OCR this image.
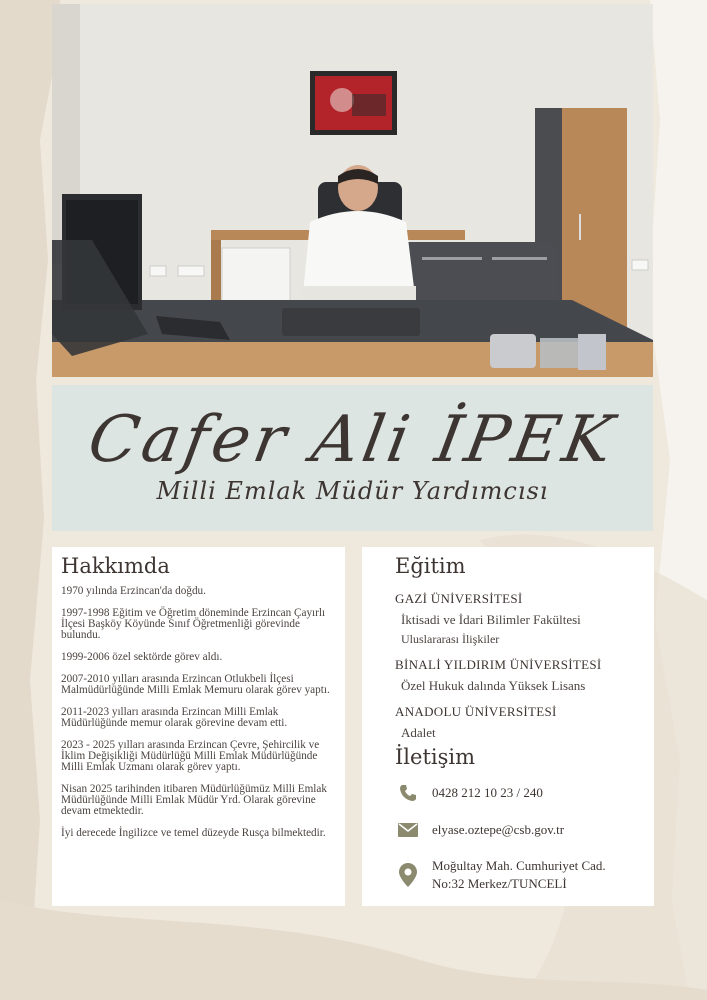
Cafer Ali İPEK
Milli Emlak Müdür Yardımcısı
Hakkımda

1970 yılında Erzincan'da doğdu.

1997-1998 Eğitim ve Öğretim döneminde Erzincan Çayırlı İlçesi Başköy Köyünde Sınıf Öğretmenliği görevinde bulundu.

1999-2006 özel sektörde görev aldı.

2007-2010 yılları arasında Erzincan Otlukbeli İlçesi Malmüdürlüğünde Milli Emlak Memuru olarak görev yaptı.

2011-2023 yılları arasında Erzincan Milli Emlak Müdürlüğünde memur olarak görevine devam etti.

2023 - 2025 yılları arasında Erzincan Çevre, Şehircilik ve İklim Değişikliği Müdürlüğü Milli Emlak Müdürlüğünde Milli Emlak Uzmanı olarak görev yaptı.

Nisan 2025 tarihinden itibaren Müdürlüğümüz Milli Emlak Müdürlüğünde Milli Emlak Müdür Yrd. Olarak görevine devam etmektedir.

İyi derecede İngilizce ve temel düzeyde Rusça bilmektedir.

Eğitim

GAZİ ÜNİVERSİTESİ

İktisadi ve İdari Bilimler Fakültesi

Uluslararası İlişkiler

BİNALİ YILDIRIM ÜNİVERSİTESİ

Özel Hukuk dalında Yüksek Lisans

ANADOLU ÜNİVERSİTESİ

Adalet

İletişim
0428 212 10 23 / 240
elyase.oztepe@csb.gov.tr
Moğultay Mah. Cumhuriyet Cad.
No:32 Merkez/TUNCELİ
